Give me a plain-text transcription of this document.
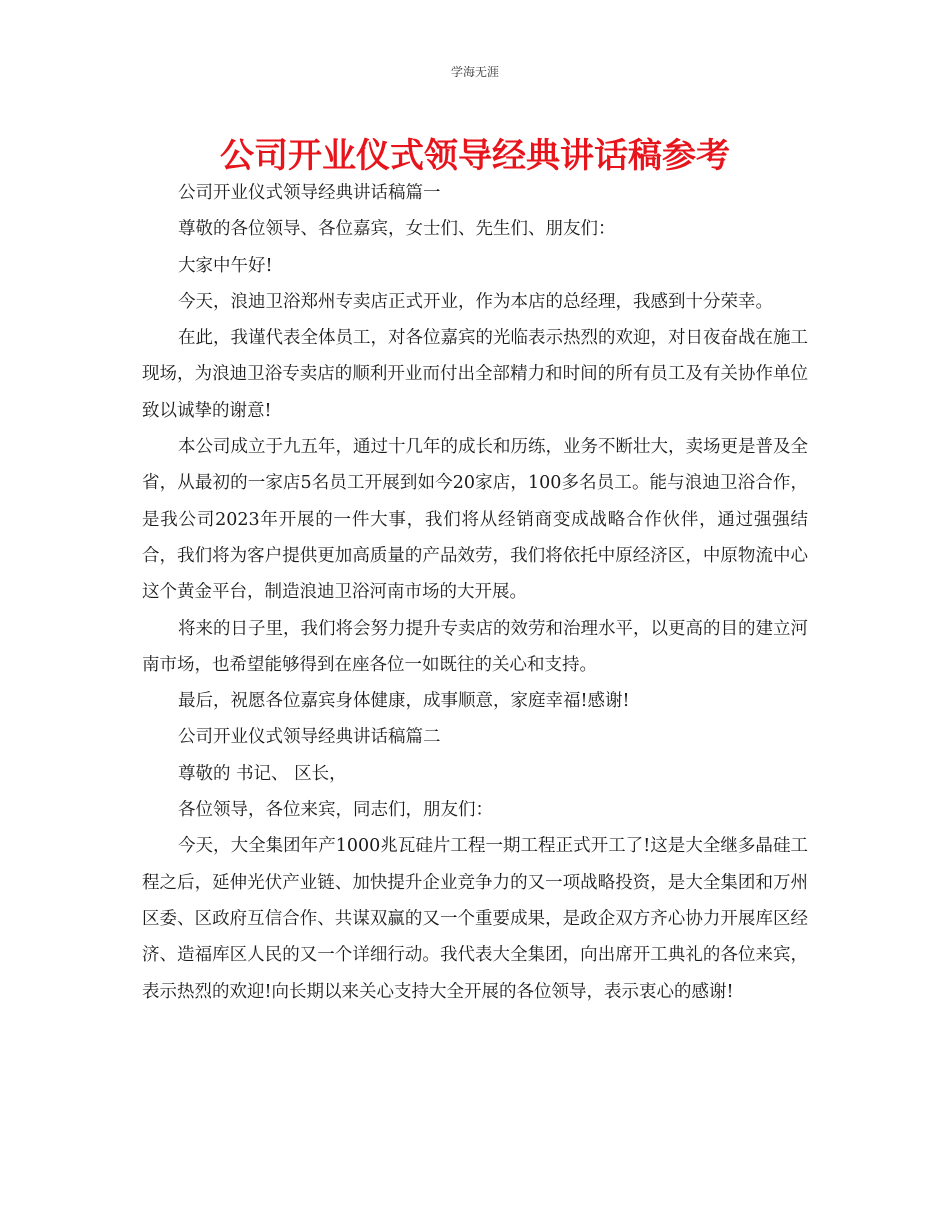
学海无涯
公司开业仪式领导经典讲话稿参考

公司开业仪式领导经典讲话稿篇一

尊敬的各位领导、各位嘉宾，女士们、先生们、朋友们：

大家中午好!

今天，浪迪卫浴郑州专卖店正式开业，作为本店的总经理，我感到十分荣幸。

在此，我谨代表全体员工，对各位嘉宾的光临表示热烈的欢迎，对日夜奋战在施工现场，为浪迪卫浴专卖店的顺利开业而付出全部精力和时间的所有员工及有关协作单位致以诚挚的谢意!

本公司成立于九五年，通过十几年的成长和历练，业务不断壮大，卖场更是普及全省，从最初的一家店5名员工开展到如今20家店，100多名员工。能与浪迪卫浴合作，是我公司2023年开展的一件大事，我们将从经销商变成战略合作伙伴，通过强强结合，我们将为客户提供更加高质量的产品效劳，我们将依托中原经济区，中原物流中心这个黄金平台，制造浪迪卫浴河南市场的大开展。

将来的日子里，我们将会努力提升专卖店的效劳和治理水平，以更高的目的建立河南市场，也希望能够得到在座各位一如既往的关心和支持。

最后，祝愿各位嘉宾身体健康，成事顺意，家庭幸福!感谢!

公司开业仪式领导经典讲话稿篇二

尊敬的 书记、 区长，

各位领导，各位来宾，同志们，朋友们：

今天，大全集团年产1000兆瓦硅片工程一期工程正式开工了!这是大全继多晶硅工程之后，延伸光伏产业链、加快提升企业竞争力的又一项战略投资，是大全集团和万州区委、区政府互信合作、共谋双赢的又一个重要成果，是政企双方齐心协力开展库区经济、造福库区人民的又一个详细行动。我代表大全集团，向出席开工典礼的各位来宾，表示热烈的欢迎!向长期以来关心支持大全开展的各位领导，表示衷心的感谢!
